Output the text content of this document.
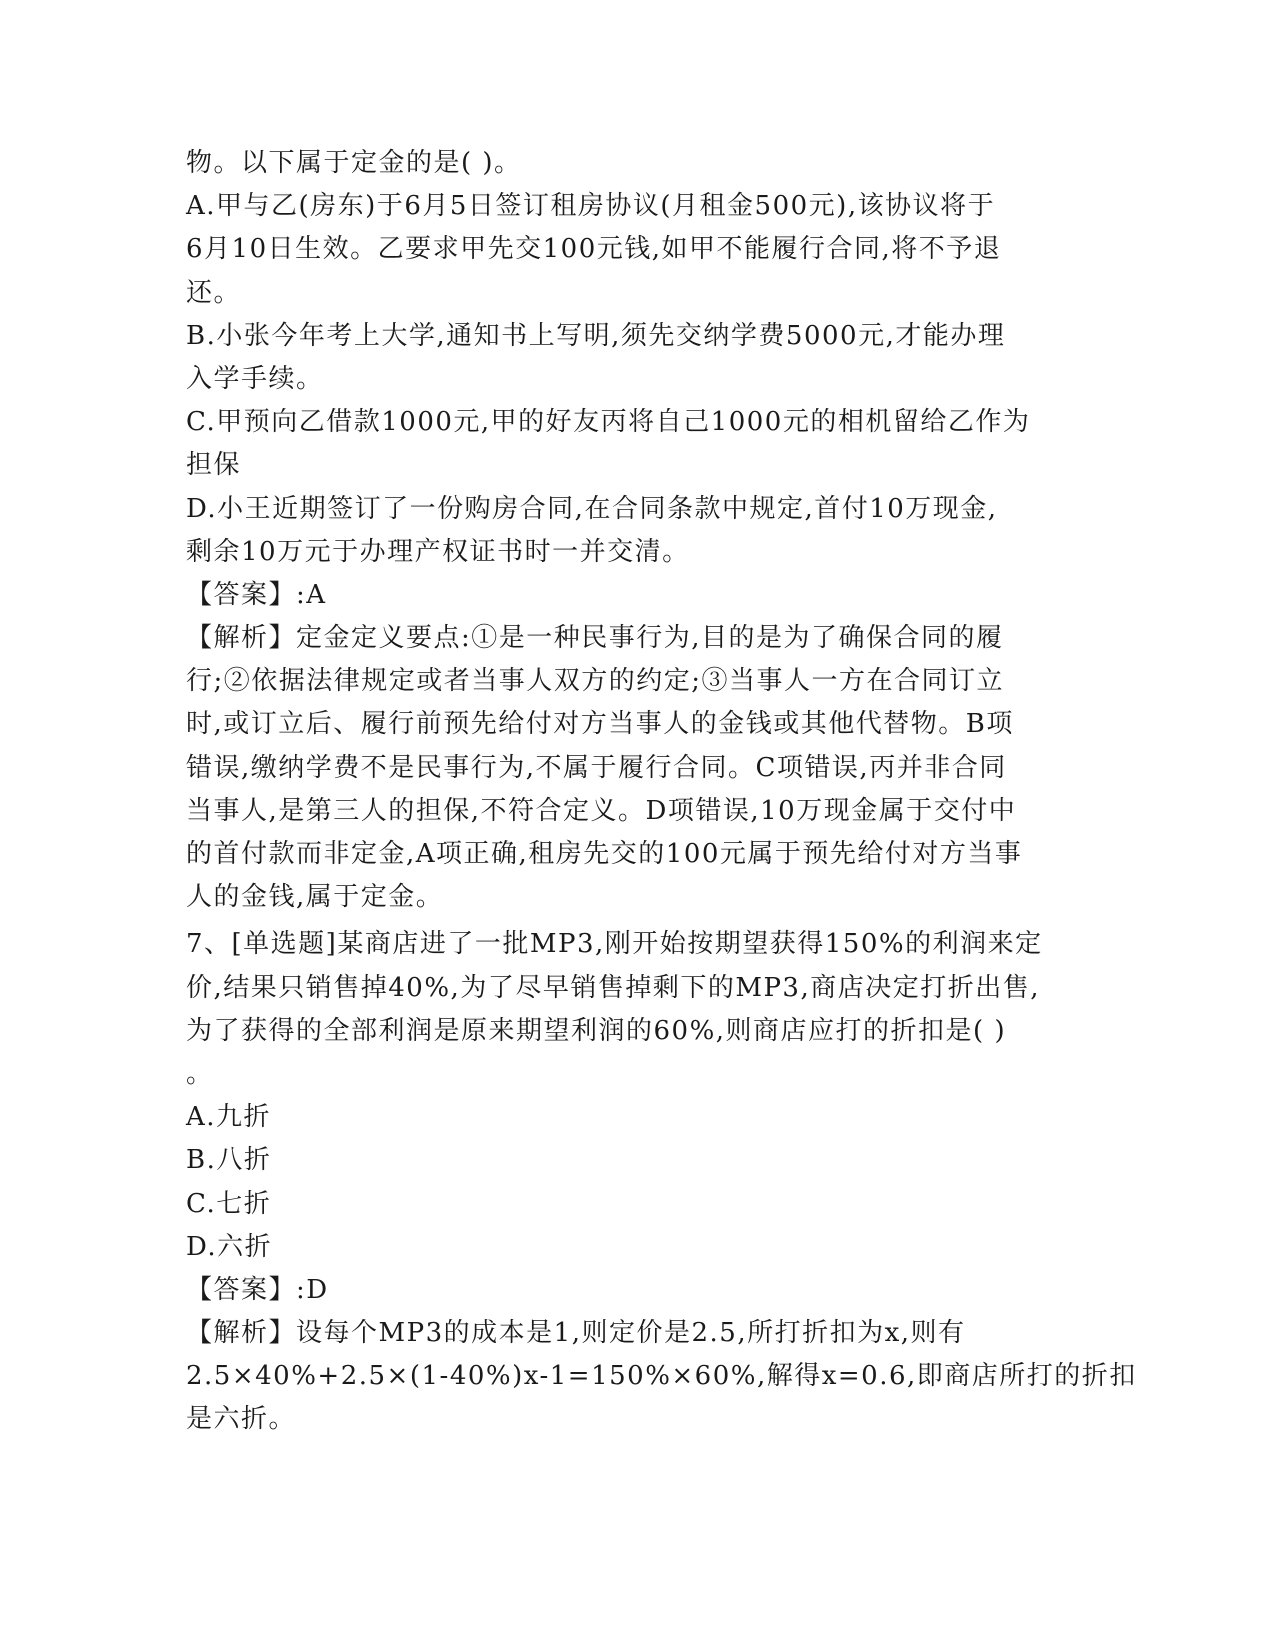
物。以下属于定金的是( )。
A.甲与乙(房东)于6月5日签订租房协议(月租金500元),该协议将于
6月10日生效。乙要求甲先交100元钱,如甲不能履行合同,将不予退
还。
B.小张今年考上大学,通知书上写明,须先交纳学费5000元,才能办理
入学手续。
C.甲预向乙借款1000元,甲的好友丙将自己1000元的相机留给乙作为
担保
D.小王近期签订了一份购房合同,在合同条款中规定,首付10万现金,
剩余10万元于办理产权证书时一并交清。
【答案】:A
【解析】定金定义要点:①是一种民事行为,目的是为了确保合同的履
行;②依据法律规定或者当事人双方的约定;③当事人一方在合同订立
时,或订立后、履行前预先给付对方当事人的金钱或其他代替物。B项
错误,缴纳学费不是民事行为,不属于履行合同。C项错误,丙并非合同
当事人,是第三人的担保,不符合定义。D项错误,10万现金属于交付中
的首付款而非定金,A项正确,租房先交的100元属于预先给付对方当事
人的金钱,属于定金。
7、[单选题]某商店进了一批MP3,刚开始按期望获得150%的利润来定
价,结果只销售掉40%,为了尽早销售掉剩下的MP3,商店决定打折出售,
为了获得的全部利润是原来期望利润的60%,则商店应打的折扣是( )
。
A.九折
B.八折
C.七折
D.六折
【答案】:D
【解析】设每个MP3的成本是1,则定价是2.5,所打折扣为x,则有
2.5×40%+2.5×(1-40%)x-1=150%×60%,解得x=0.6,即商店所打的折扣
是六折。
